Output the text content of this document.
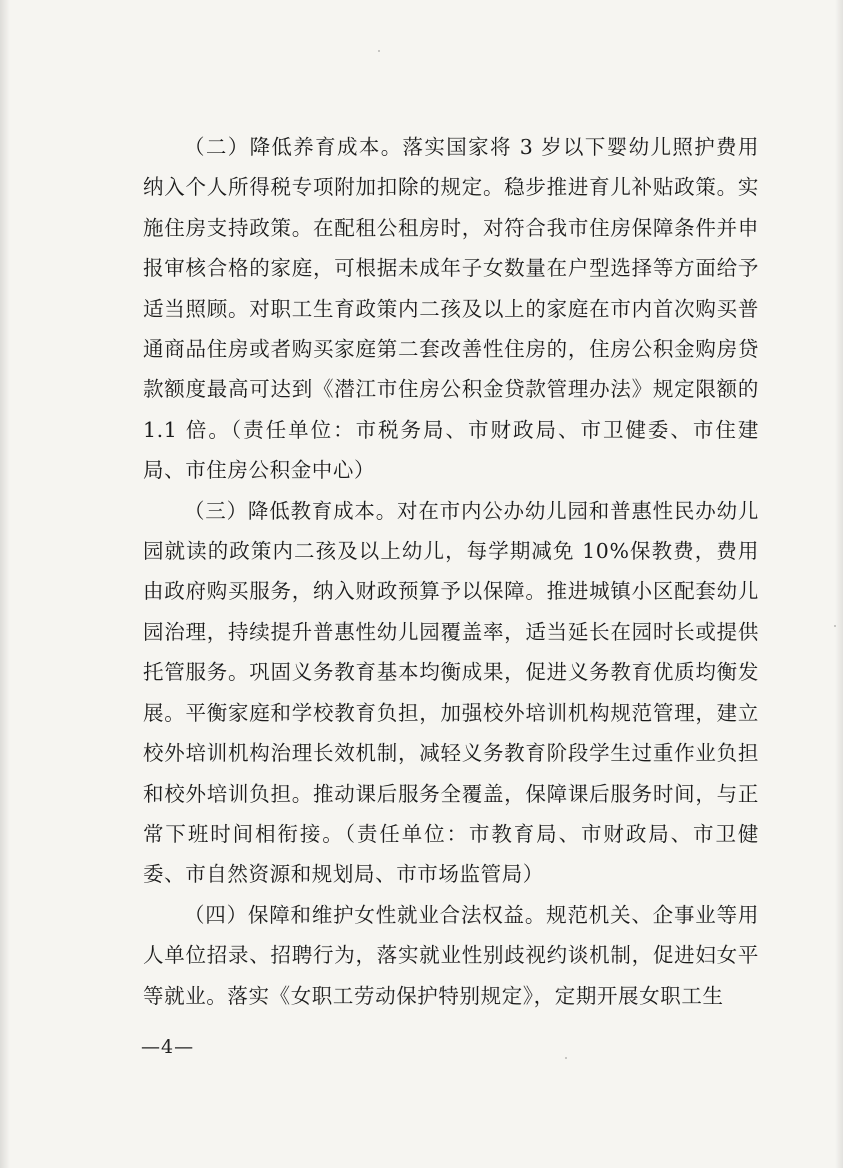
（二）降低养育成本。落实国家将 3 岁以下婴幼儿照护费用纳入个人所得税专项附加扣除的规定。稳步推进育儿补贴政策。实施住房支持政策。在配租公租房时，对符合我市住房保障条件并申报审核合格的家庭，可根据未成年子女数量在户型选择等方面给予适当照顾。对职工生育政策内二孩及以上的家庭在市内首次购买普通商品住房或者购买家庭第二套改善性住房的，住房公积金购房贷款额度最高可达到《潜江市住房公积金贷款管理办法》规定限额的 1.1 倍。（责任单位：市税务局、市财政局、市卫健委、市住建局、市住房公积金中心）

（三）降低教育成本。对在市内公办幼儿园和普惠性民办幼儿园就读的政策内二孩及以上幼儿，每学期减免 10%保教费，费用由政府购买服务，纳入财政预算予以保障。推进城镇小区配套幼儿园治理，持续提升普惠性幼儿园覆盖率，适当延长在园时长或提供托管服务。巩固义务教育基本均衡成果，促进义务教育优质均衡发展。平衡家庭和学校教育负担，加强校外培训机构规范管理，建立校外培训机构治理长效机制，减轻义务教育阶段学生过重作业负担和校外培训负担。推动课后服务全覆盖，保障课后服务时间，与正常下班时间相衔接。（责任单位：市教育局、市财政局、市卫健委、市自然资源和规划局、市市场监管局）

（四）保障和维护女性就业合法权益。规范机关、企事业等用人单位招录、招聘行为，落实就业性别歧视约谈机制，促进妇女平等就业。落实《女职工劳动保护特别规定》，定期开展女职工生

—4—
